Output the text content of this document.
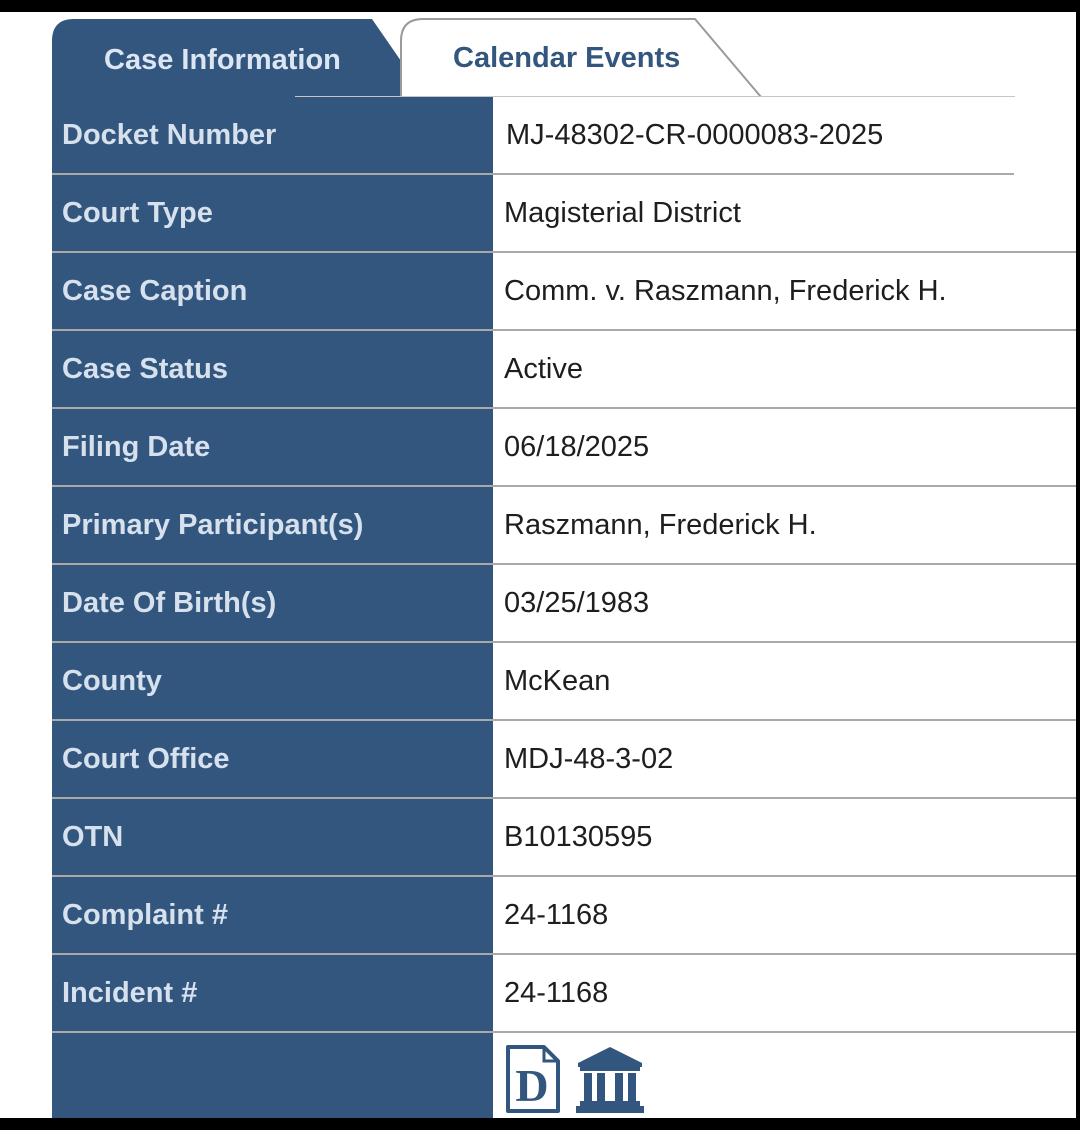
Case Information	Calendar Events
Docket Number	MJ-48302-CR-0000083-2025
Court Type	Magisterial District
Case Caption	Comm. v. Raszmann, Frederick H.
Case Status	Active
Filing Date	06/18/2025
Primary Participant(s)	Raszmann, Frederick H.
Date Of Birth(s)	03/25/1983
County	McKean
Court Office	MDJ-48-3-02
OTN	B10130595
Complaint #	24-1168
Incident #	24-1168
D
